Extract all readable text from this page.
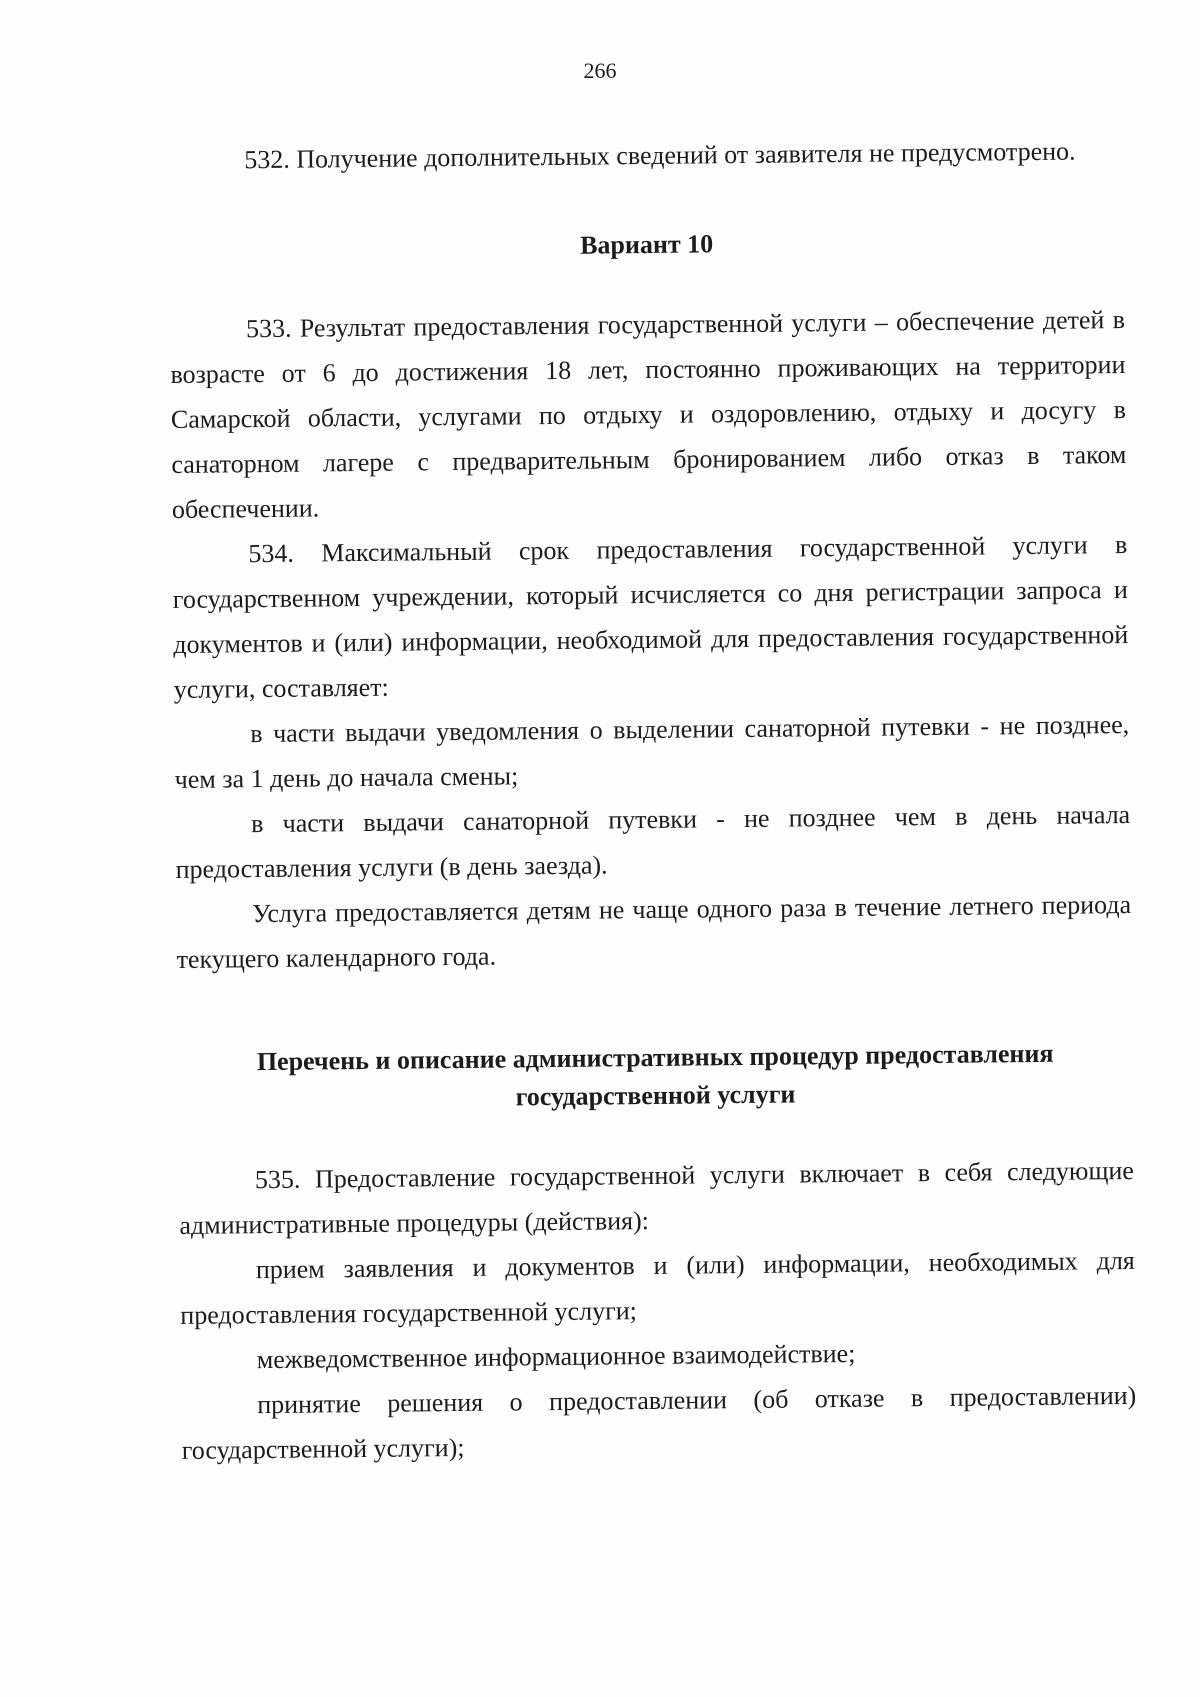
266

532. Получение дополнительных сведений от заявителя не предусмотрено.

Вариант 10

533. Результат предоставления государственной услуги – обеспечение детей в возрасте от 6 до достижения 18 лет, постоянно проживающих на территории Самарской области, услугами по отдыху и оздоровлению, отдыху и досугу в санаторном лагере с предварительным бронированием либо отказ в таком обеспечении.

534. Максимальный срок предоставления государственной услуги в государственном учреждении, который исчисляется со дня регистрации запроса и документов и (или) информации, необходимой для предоставления государственной услуги, составляет:

в части выдачи уведомления о выделении санаторной путевки - не позднее, чем за 1 день до начала смены;

в части выдачи санаторной путевки - не позднее чем в день начала предоставления услуги (в день заезда).

Услуга предоставляется детям не чаще одного раза в течение летнего периода текущего календарного года.

Перечень и описание административных процедур предоставления государственной услуги

535. Предоставление государственной услуги включает в себя следующие административные процедуры (действия):

прием заявления и документов и (или) информации, необходимых для предоставления государственной услуги;

межведомственное информационное взаимодействие;

принятие решения о предоставлении (об отказе в предоставлении) государственной услуги);
